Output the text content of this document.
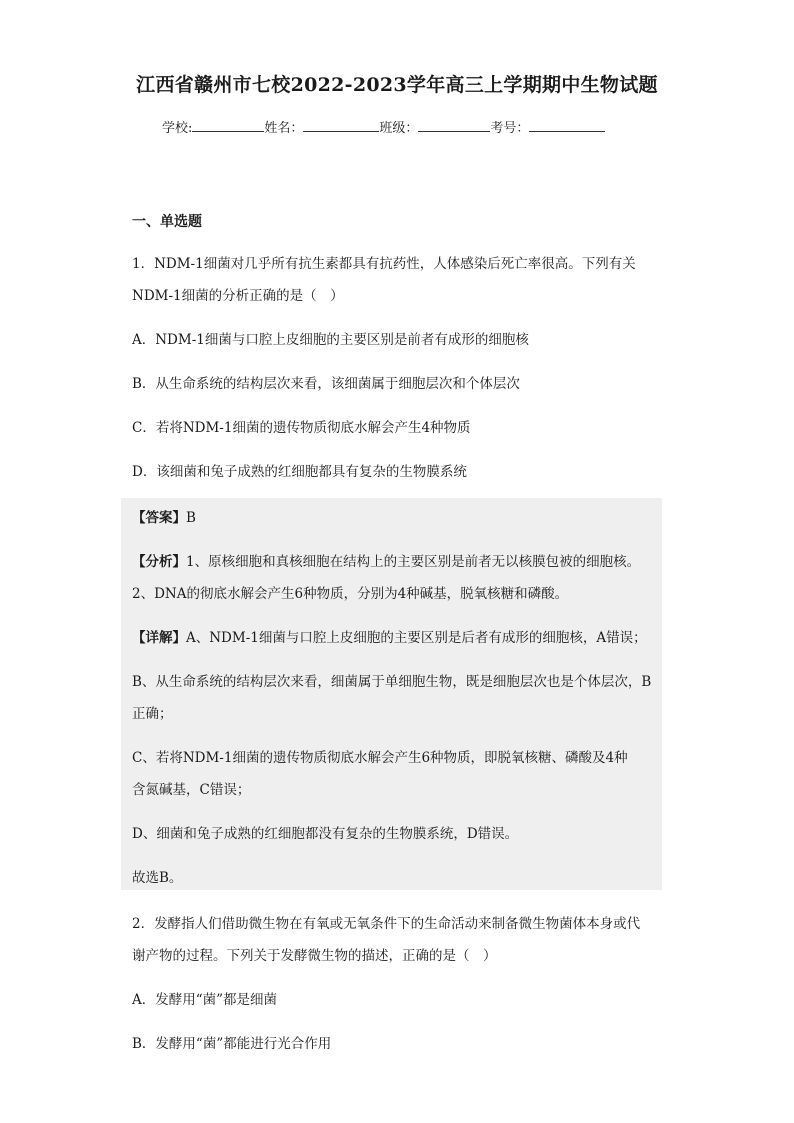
江西省赣州市七校2022-2023学年高三上学期期中生物试题
学校:	姓名：	班级：	考号：
一、单选题
1．NDM-1细菌对几乎所有抗生素都具有抗药性，人体感染后死亡率很高。下列有关
NDM-1细菌的分析正确的是（　）
A．NDM-1细菌与口腔上皮细胞的主要区别是前者有成形的细胞核
B．从生命系统的结构层次来看，该细菌属于细胞层次和个体层次
C．若将NDM-1细菌的遗传物质彻底水解会产生4种物质
D．该细菌和兔子成熟的红细胞都具有复杂的生物膜系统
【答案】B
【分析】1、原核细胞和真核细胞在结构上的主要区别是前者无以核膜包被的细胞核。
2、DNA的彻底水解会产生6种物质，分别为4种碱基，脱氧核糖和磷酸。
【详解】A、NDM-1细菌与口腔上皮细胞的主要区别是后者有成形的细胞核，A错误；
B、从生命系统的结构层次来看，细菌属于单细胞生物，既是细胞层次也是个体层次，B
正确；
C、若将NDM-1细菌的遗传物质彻底水解会产生6种物质，即脱氧核糖、磷酸及4种
含氮碱基，C错误；
D、细菌和兔子成熟的红细胞都没有复杂的生物膜系统，D错误。
故选B。
2．发酵指人们借助微生物在有氧或无氧条件下的生命活动来制备微生物菌体本身或代
谢产物的过程。下列关于发酵微生物的描述，正确的是（　）
A．发酵用“菌”都是细菌
B．发酵用“菌”都能进行光合作用
